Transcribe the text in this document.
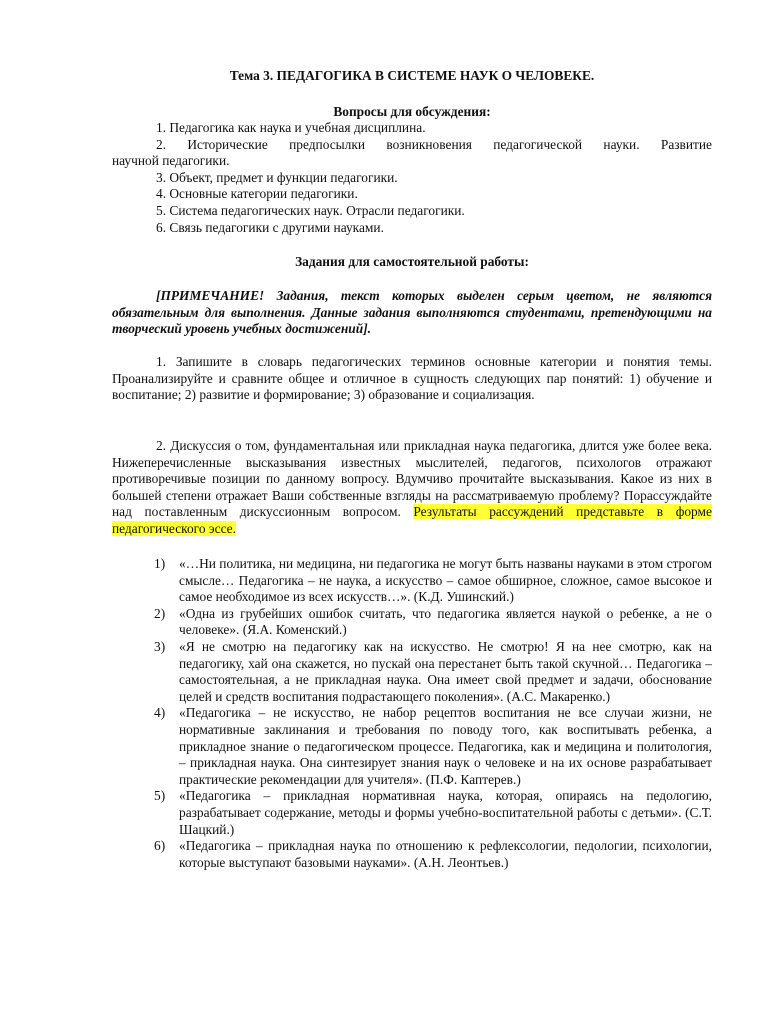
Тема 3. ПЕДАГОГИКА В СИСТЕМЕ НАУК О ЧЕЛОВЕКЕ.

Вопросы для обсуждения:

1. Педагогика как наука и учебная дисциплина.
2. Исторические предпосылки возникновения педагогической науки. Развитие
научной педагогики.
3. Объект, предмет и функции педагогики.
4. Основные категории педагогики.
5. Система педагогических наук. Отрасли педагогики.
6. Связь педагогики с другими науками.

Задания для самостоятельной работы:

[ПРИМЕЧАНИЕ! Задания, текст которых выделен серым цветом, не являются обязательным для выполнения. Данные задания выполняются студентами, претендующими на творческий уровень учебных достижений].

1. Запишите в словарь педагогических терминов основные категории и понятия темы. Проанализируйте и сравните общее и отличное в сущность следующих пар понятий: 1) обучение и воспитание; 2) развитие и формирование; 3) образование и социализация.

2. Дискуссия о том, фундаментальная или прикладная наука педагогика, длится уже более века. Нижеперечисленные высказывания известных мыслителей, педагогов, психологов отражают противоречивые позиции по данному вопросу. Вдумчиво прочитайте высказывания. Какое из них в большей степени отражает Ваши собственные взгляды на рассматриваемую проблему? Порассуждайте над поставленным дискуссионным вопросом. Результаты рассуждений представьте в форме педагогического эссе.

1) «…Ни политика, ни медицина, ни педагогика не могут быть названы науками в этом строгом смысле… Педагогика – не наука, а искусство – самое обширное, сложное, самое высокое и самое необходимое из всех искусств…». (К.Д. Ушинский.)
2) «Одна из грубейших ошибок считать, что педагогика является наукой о ребенке, а не о человеке». (Я.А. Коменский.)
3) «Я не смотрю на педагогику как на искусство. Не смотрю! Я на нее смотрю, как на педагогику, хай она скажется, но пускай она перестанет быть такой скучной… Педагогика – самостоятельная, а не прикладная наука. Она имеет свой предмет и задачи, обоснование целей и средств воспитания подрастающего поколения». (А.С. Макаренко.)
4) «Педагогика – не искусство, не набор рецептов воспитания не все случаи жизни, не нормативные заклинания и требования по поводу того, как воспитывать ребенка, а прикладное знание о педагогическом процессе. Педагогика, как и медицина и политология, – прикладная наука. Она синтезирует знания наук о человеке и на их основе разрабатывает практические рекомендации для учителя». (П.Ф. Каптерев.)
5) «Педагогика – прикладная нормативная наука, которая, опираясь на педологию, разрабатывает содержание, методы и формы учебно-воспитательной работы с детьми». (С.Т. Шацкий.)
6) «Педагогика – прикладная наука по отношению к рефлексологии, педологии, психологии, которые выступают базовыми науками». (А.Н. Леонтьев.)
